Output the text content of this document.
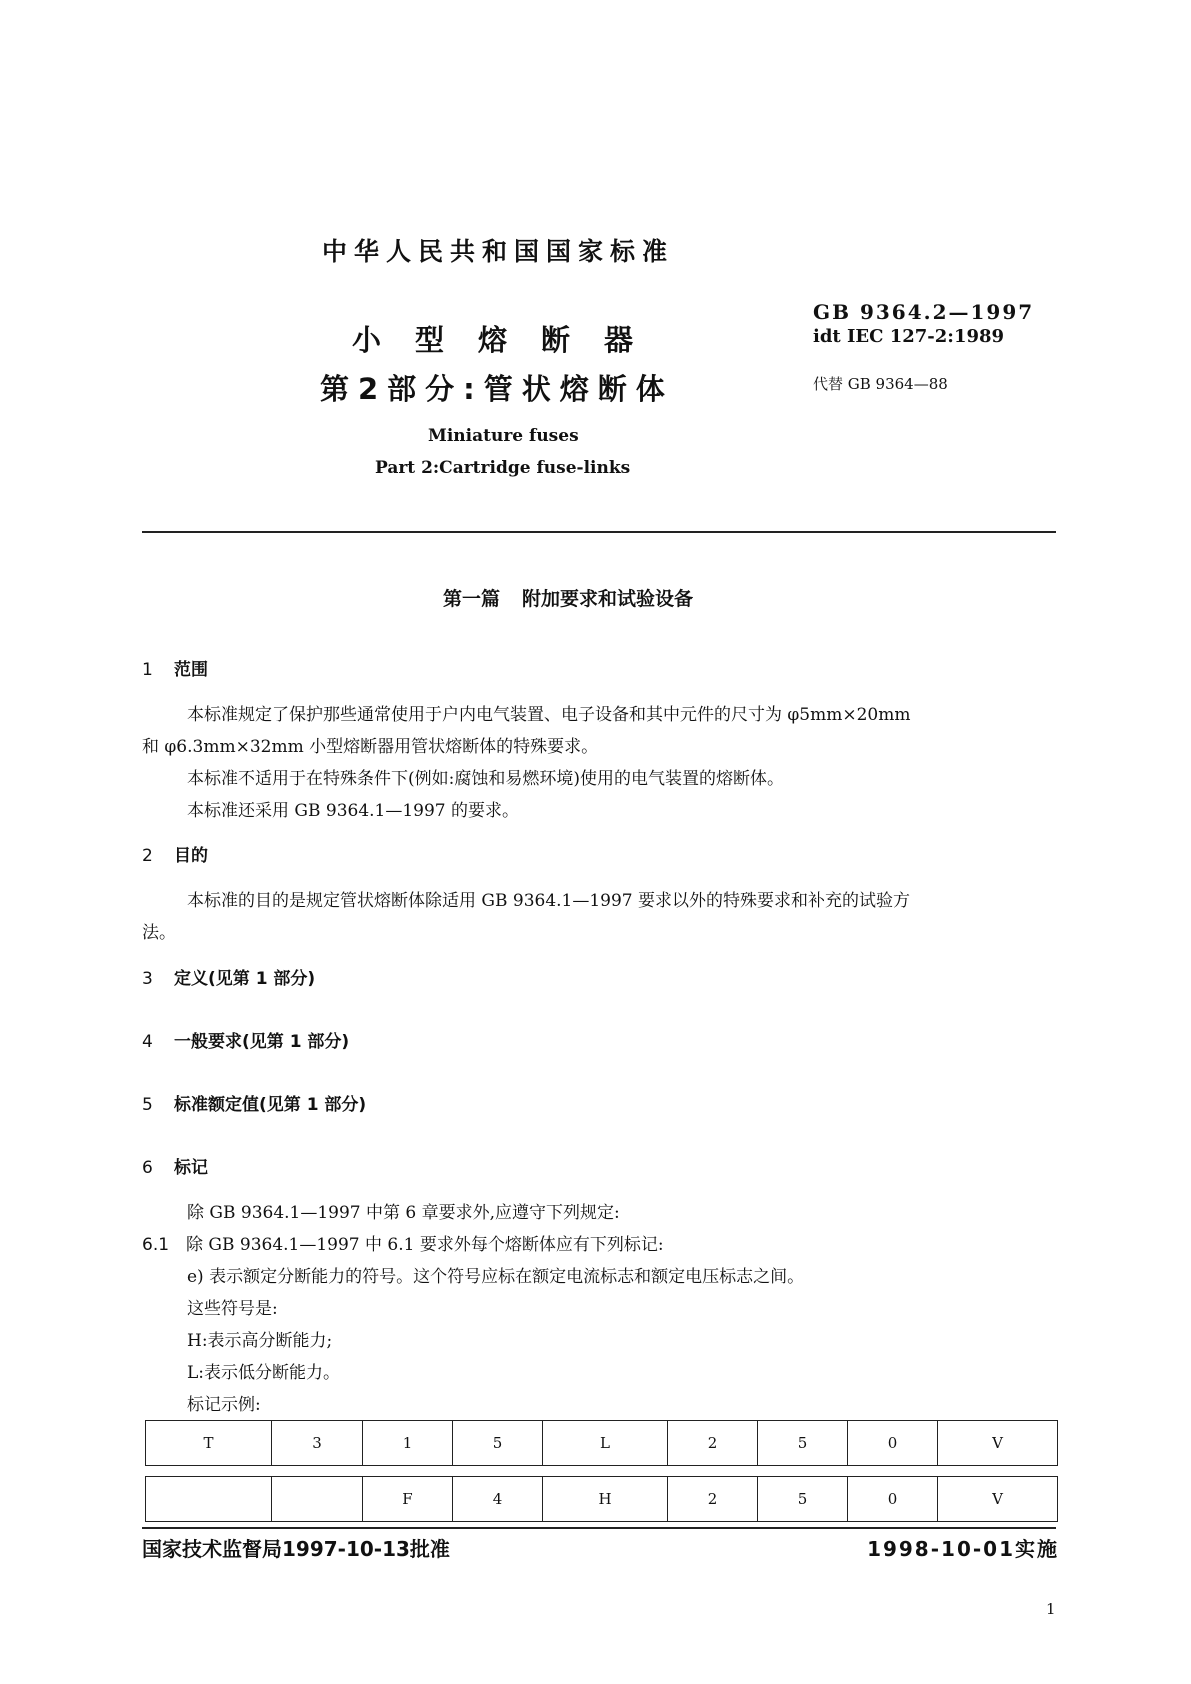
中华人民共和国国家标准
小型熔断器
第2部分:管状熔断体
GB 9364.2—1997
idt IEC 127-2:1989
代替 GB 9364—88
Miniature fuses
Part 2:Cartridge fuse-links
第一篇 附加要求和试验设备
1 范围
本标准规定了保护那些通常使用于户内电气装置、电子设备和其中元件的尺寸为 φ5mm×20mm
和 φ6.3mm×32mm 小型熔断器用管状熔断体的特殊要求。
本标准不适用于在特殊条件下(例如:腐蚀和易燃环境)使用的电气装置的熔断体。
本标准还采用 GB 9364.1—1997 的要求。
2 目的
本标准的目的是规定管状熔断体除适用 GB 9364.1—1997 要求以外的特殊要求和补充的试验方
法。
3 定义(见第 1 部分)
4 一般要求(见第 1 部分)
5 标准额定值(见第 1 部分)
6 标记
除 GB 9364.1—1997 中第 6 章要求外,应遵守下列规定:
6.1 除 GB 9364.1—1997 中 6.1 要求外每个熔断体应有下列标记:
e) 表示额定分断能力的符号。这个符号应标在额定电流标志和额定电压标志之间。
这些符号是:
H:表示高分断能力;
L:表示低分断能力。
标记示例:
T	3	1	5	L	2	5	0	V
		F	4	H	2	5	0	V
国家技术监督局1997-10-13批准	1998-10-01实施
1
